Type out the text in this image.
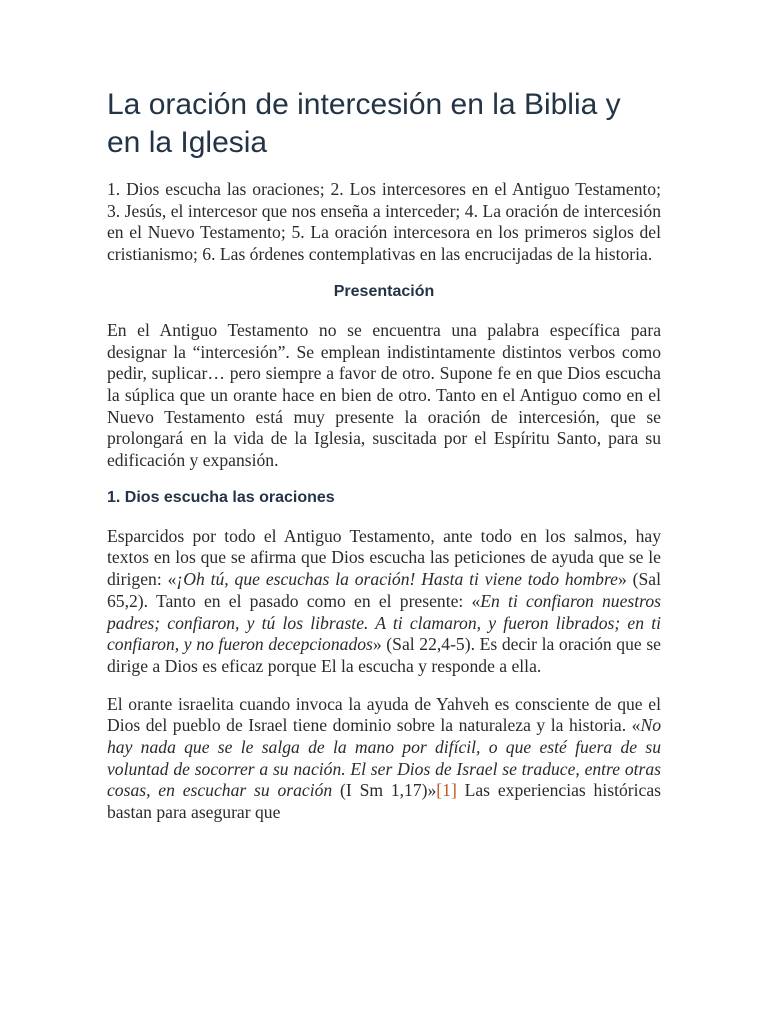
La oración de intercesión en la Biblia y en la Iglesia

1. Dios escucha las oraciones; 2. Los intercesores en el Antiguo Testamento; 3. Jesús, el intercesor que nos enseña a interceder; 4. La oración de intercesión en el Nuevo Testamento; 5. La oración intercesora en los primeros siglos del cristianismo; 6. Las órdenes contemplativas en las encrucijadas de la historia.

Presentación

En el Antiguo Testamento no se encuentra una palabra específica para designar la “intercesión”. Se emplean indistintamente distintos verbos como pedir, suplicar… pero siempre a favor de otro. Supone fe en que Dios escucha la súplica que un orante hace en bien de otro. Tanto en el Antiguo como en el Nuevo Testamento está muy presente la oración de intercesión, que se prolongará en la vida de la Iglesia, suscitada por el Espíritu Santo, para su edificación y expansión.

1. Dios escucha las oraciones

Esparcidos por todo el Antiguo Testamento, ante todo en los salmos, hay textos en los que se afirma que Dios escucha las peticiones de ayuda que se le dirigen: «¡Oh tú, que escuchas la oración! Hasta ti viene todo hombre» (Sal 65,2). Tanto en el pasado como en el presente: «En ti confiaron nuestros padres; confiaron, y tú los libraste. A ti clamaron, y fueron librados; en ti confiaron, y no fueron decepcionados» (Sal 22,4-5). Es decir la oración que se dirige a Dios es eficaz porque El la escucha y responde a ella.

El orante israelita cuando invoca la ayuda de Yahveh es consciente de que el Dios del pueblo de Israel tiene dominio sobre la naturaleza y la historia. «No hay nada que se le salga de la mano por difícil, o que esté fuera de su voluntad de socorrer a su nación. El ser Dios de Israel se traduce, entre otras cosas, en escuchar su oración (I Sm 1,17)»[1] Las experiencias históricas bastan para asegurar que
